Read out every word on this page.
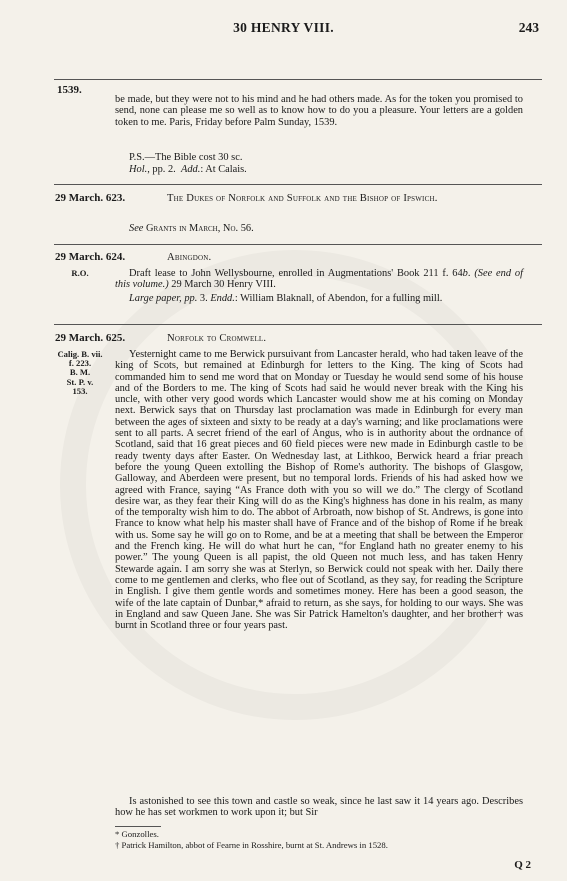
30 HENRY VIII.	243
1539.

be made, but they were not to his mind and he had others made. As for the token you promised to send, none can please me so well as to know how to do you a pleasure. Your letters are a golden token to me. Paris, Friday before Palm Sunday, 1539.

P.S.—The Bible cost 30 sc.

Hol., pp. 2. Add.: At Calais.

29 March. 623.	The Dukes of Norfolk and Suffolk and the Bishop of Ipswich.

See Grants in March, No. 56.

29 March. 624.	Abingdon.
R.O.	Draft lease to John Wellysbourne, enrolled in Augmentations' Book 211 f. 64b. (See end of this volume.) 29 March 30 Henry VIII.

Large paper, pp. 3. Endd.: William Blaknall, of Abendon, for a fulling mill.

29 March. 625.	Norfolk to Cromwell.
Calig. B. vii.
f. 223.
B. M.
St. P. v.
153.

Yesternight came to me Berwick pursuivant from Lancaster herald, who had taken leave of the king of Scots, but remained at Edinburgh for letters to the King. The king of Scots had commanded him to send me word that on Monday or Tuesday he would send some of his house and of the Borders to me. The king of Scots had said he would never break with the King his uncle, with other very good words which Lancaster would show me at his coming on Monday next. Berwick says that on Thursday last proclamation was made in Edinburgh for every man between the ages of sixteen and sixty to be ready at a day's warning; and like proclamations were sent to all parts. A secret friend of the earl of Angus, who is in authority about the ordnance of Scotland, said that 16 great pieces and 60 field pieces were new made in Edinburgh castle to be ready twenty days after Easter. On Wednesday last, at Lithkoo, Berwick heard a friar preach before the young Queen extolling the Bishop of Rome's authority. The bishops of Glasgow, Galloway, and Aberdeen were present, but no temporal lords. Friends of his had asked how we agreed with France, saying “As France doth with you so will we do.” The clergy of Scotland desire war, as they fear their King will do as the King's highness has done in his realm, as many of the temporalty wish him to do. The abbot of Arbroath, now bishop of St. Andrews, is gone into France to know what help his master shall have of France and of the bishop of Rome if he break with us. Some say he will go on to Rome, and be at a meeting that shall be between the Emperor and the French king. He will do what hurt he can, “for England hath no greater enemy to his power.” The young Queen is all papist, the old Queen not much less, and has taken Henry Stewarde again. I am sorry she was at Sterlyn, so Berwick could not speak with her. Daily there come to me gentlemen and clerks, who flee out of Scotland, as they say, for reading the Scripture in English. I give them gentle words and sometimes money. Here has been a good season, the wife of the late captain of Dunbar,* afraid to return, as she says, for holding to our ways. She was in England and saw Queen Jane. She was Sir Patrick Hamelton's daughter, and her brother† was burnt in Scotland three or four years past.

Is astonished to see this town and castle so weak, since he last saw it 14 years ago. Describes how he has set workmen to work upon it; but Sir

* Gonzolles.
† Patrick Hamilton, abbot of Fearne in Rosshire, burnt at St. Andrews in 1528.
Q 2
